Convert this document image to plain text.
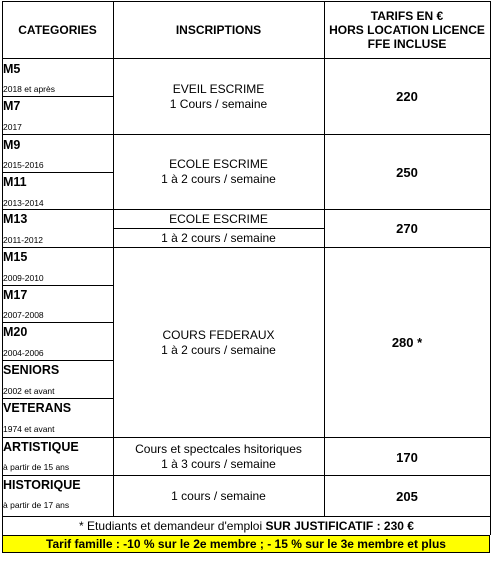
CATEGORIES	INSCRIPTIONS
TARIFS EN €
HORS LOCATION LICENCE
FFE INCLUSE
M5
2018 et après
M7
2017
M9
2015-2016
M11
2013-2014
M13
2011-2012
M15
2009-2010
M17
2007-2008
M20
2004-2006
SENIORS
2002 et avant
VETERANS
1974 et avant
ARTISTIQUE
à partir de 15 ans
HISTORIQUE
à partir de 17 ans
EVEIL ESCRIME
1 Cours / semaine
ECOLE ESCRIME
1 à 2 cours / semaine
ECOLE ESCRIME
1 à 2 cours / semaine
COURS FEDERAUX
1 à 2 cours / semaine
Cours et spectcales hsitoriques
1 à 3 cours / semaine
1 cours / semaine
220
250
270
280 *
170
205
* Etudiants et demandeur d'emploi SUR JUSTIFICATIF : 230 €
Tarif famille : -10 % sur le 2e membre ; - 15 % sur le 3e membre et plus
